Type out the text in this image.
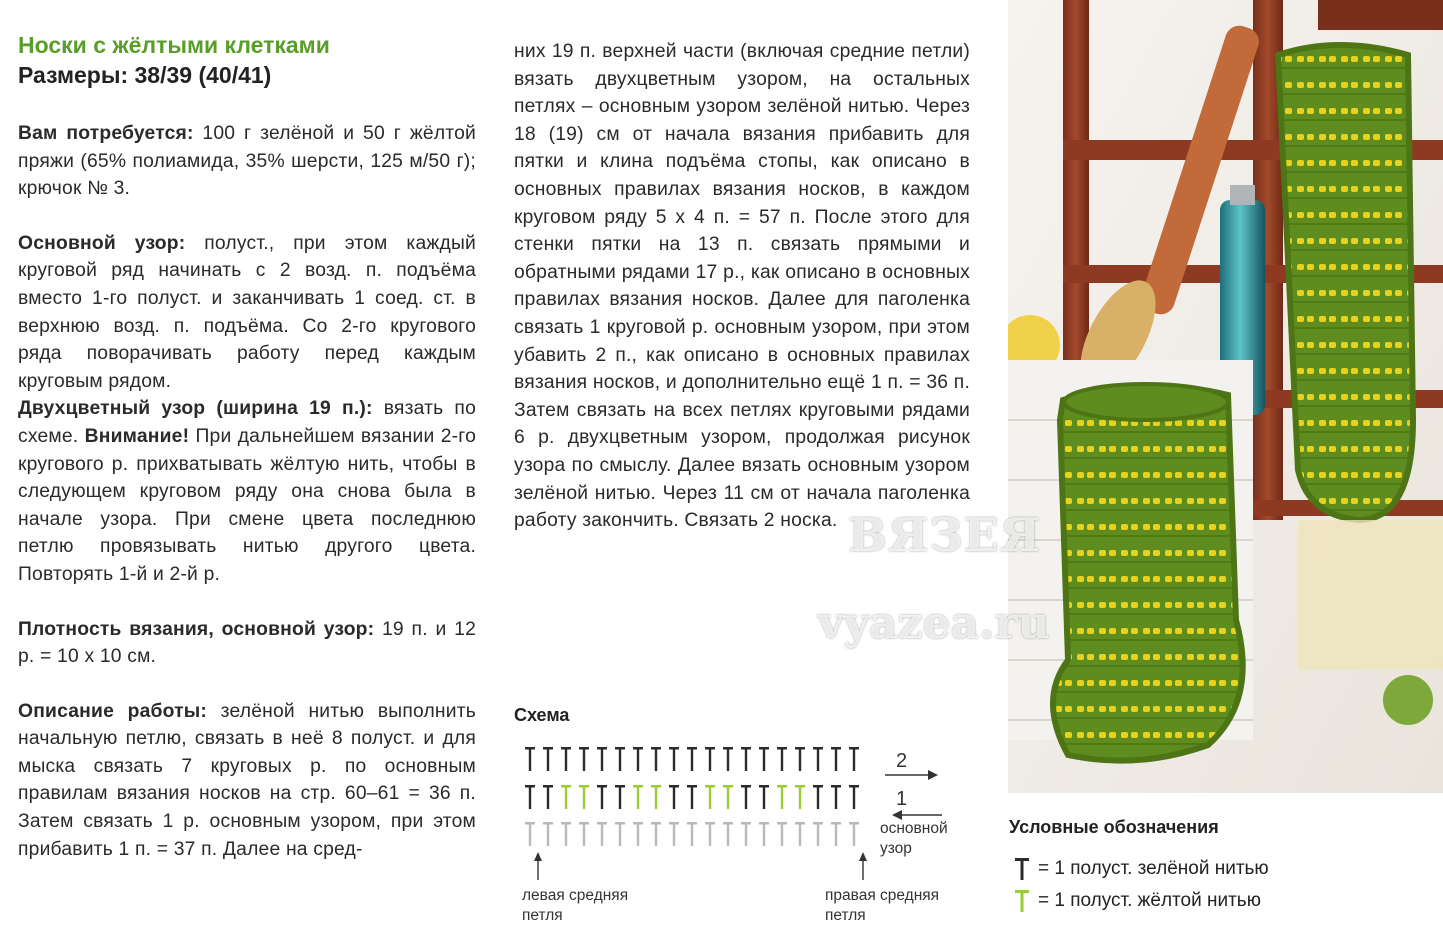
Носки с жёлтыми клетками

Размеры: 38/39 (40/41)

Вам потребуется: 100 г зелёной и 50 г жёлтой пряжи (65% полиамида, 35% шерсти, 125 м/50 г); крючок № 3.

Основной узор: полуст., при этом каждый круговой ряд начинать с 2 возд. п. подъёма вместо 1-го полуст. и заканчивать 1 соед. ст. в верхнюю возд. п. подъёма. Со 2-го кругового ряда поворачивать работу перед каждым круговым рядом.

Двухцветный узор (ширина 19 п.): вязать по схеме. Внимание! При дальнейшем вязании 2-го кругового р. прихватывать жёлтую нить, чтобы в следующем круговом ряду она снова была в начале узора. При смене цвета последнюю петлю провязывать нитью другого цвета. Повторять 1-й и 2-й р.

Плотность вязания, основной узор: 19 п. и 12 р. = 10 х 10 см.

Описание работы: зелёной нитью выполнить начальную петлю, связать в неё 8 полуст. и для мыска связать 7 круговых р. по основным правилам вязания носков на стр. 60–61 = 36 п. Затем связать 1 р. основным узором, при этом прибавить 1 п. = 37 п. Далее на сред-

них 19 п. верхней части (включая средние петли) вязать двухцветным узором, на остальных петлях – основным узором зелёной нитью. Через 18 (19) см от начала вязания прибавить для пятки и клина подъёма стопы, как описано в основных правилах вязания носков, в каждом круговом ряду 5 х 4 п. = 57 п. После этого для стенки пятки на 13 п. связать прямыми и обратными рядами 17 р., как описано в основных правилах вязания носков. Далее для паголенка связать 1 круговой р. основным узором, при этом убавить 2 п., как описано в основных правилах вязания носков, и дополнительно ещё 1 п. = 36 п. Затем связать на всех петлях круговыми рядами 6 р. двухцветным узором, продолжая рисунок узора по смыслу. Далее вязать основным узором зелёной нитью. Через 11 см от начала паголенка работу закончить. Связать 2 носка.

Схема

2
1
основной
узор
левая средняя
петля
правая средняя
петля

Условные обозначения

= 1 полуст. зелёной нитью
= 1 полуст. жёлтой нитью
ВЯЗЕЯ
vyazea.ru
